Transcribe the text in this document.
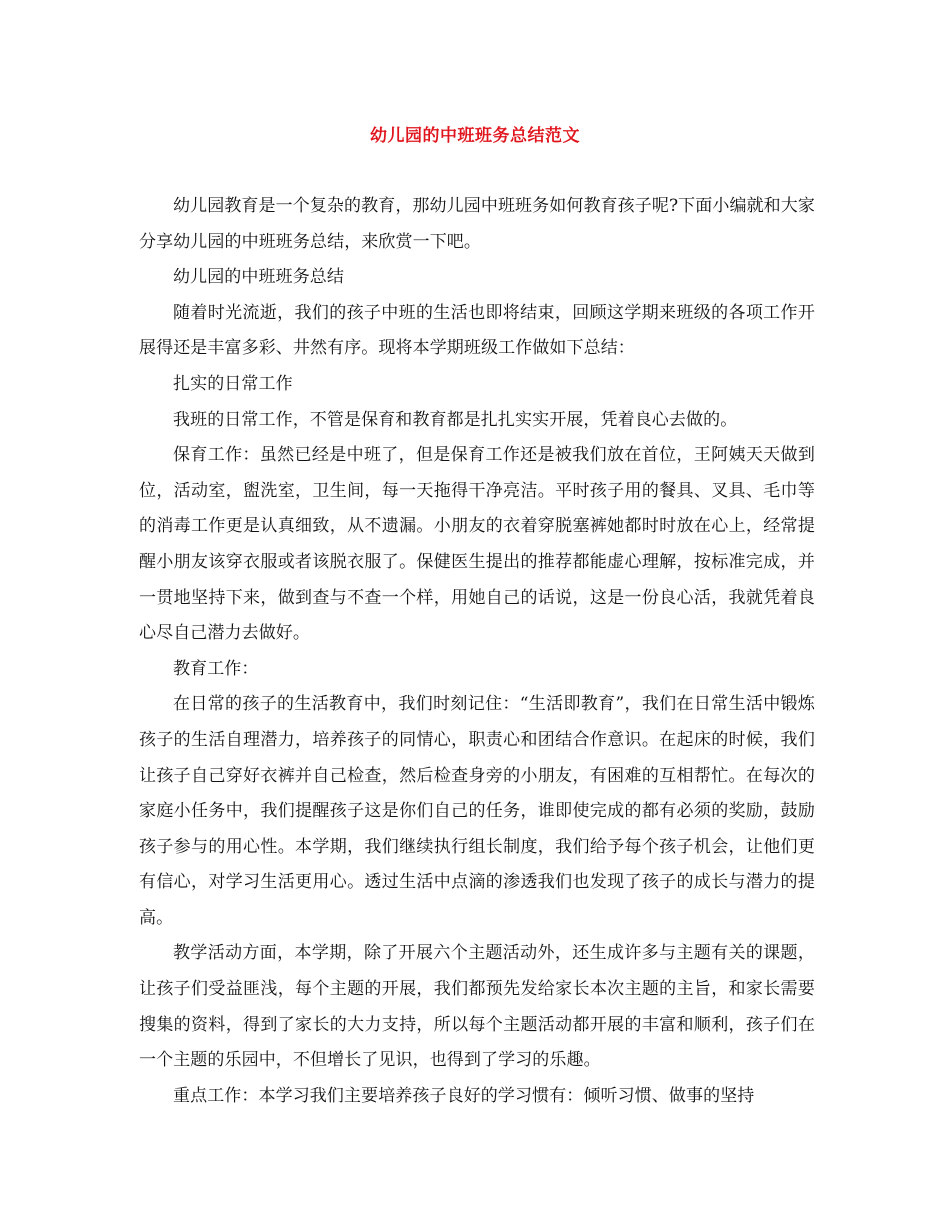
幼儿园的中班班务总结范文

幼儿园教育是一个复杂的教育，那幼儿园中班班务如何教育孩子呢?下面小编就和大家分享幼儿园的中班班务总结，来欣赏一下吧。

幼儿园的中班班务总结

随着时光流逝，我们的孩子中班的生活也即将结束，回顾这学期来班级的各项工作开展得还是丰富多彩、井然有序。现将本学期班级工作做如下总结：

扎实的日常工作

我班的日常工作，不管是保育和教育都是扎扎实实开展，凭着良心去做的。

保育工作：虽然已经是中班了，但是保育工作还是被我们放在首位，王阿姨天天做到位，活动室，盥洗室，卫生间，每一天拖得干净亮洁。平时孩子用的餐具、叉具、毛巾等的消毒工作更是认真细致，从不遗漏。小朋友的衣着穿脱塞裤她都时时放在心上，经常提醒小朋友该穿衣服或者该脱衣服了。保健医生提出的推荐都能虚心理解，按标准完成，并一贯地坚持下来，做到查与不查一个样，用她自己的话说，这是一份良心活，我就凭着良心尽自己潜力去做好。

教育工作：

在日常的孩子的生活教育中，我们时刻记住：“生活即教育”，我们在日常生活中锻炼孩子的生活自理潜力，培养孩子的同情心，职责心和团结合作意识。在起床的时候，我们让孩子自己穿好衣裤并自己检查，然后检查身旁的小朋友，有困难的互相帮忙。在每次的家庭小任务中，我们提醒孩子这是你们自己的任务，谁即使完成的都有必须的奖励，鼓励孩子参与的用心性。本学期，我们继续执行组长制度，我们给予每个孩子机会，让他们更有信心，对学习生活更用心。透过生活中点滴的渗透我们也发现了孩子的成长与潜力的提高。

教学活动方面，本学期，除了开展六个主题活动外，还生成许多与主题有关的课题，让孩子们受益匪浅，每个主题的开展，我们都预先发给家长本次主题的主旨，和家长需要搜集的资料，得到了家长的大力支持，所以每个主题活动都开展的丰富和顺利，孩子们在一个主题的乐园中，不但增长了见识，也得到了学习的乐趣。

重点工作：本学习我们主要培养孩子良好的学习惯有：倾听习惯、做事的坚持
